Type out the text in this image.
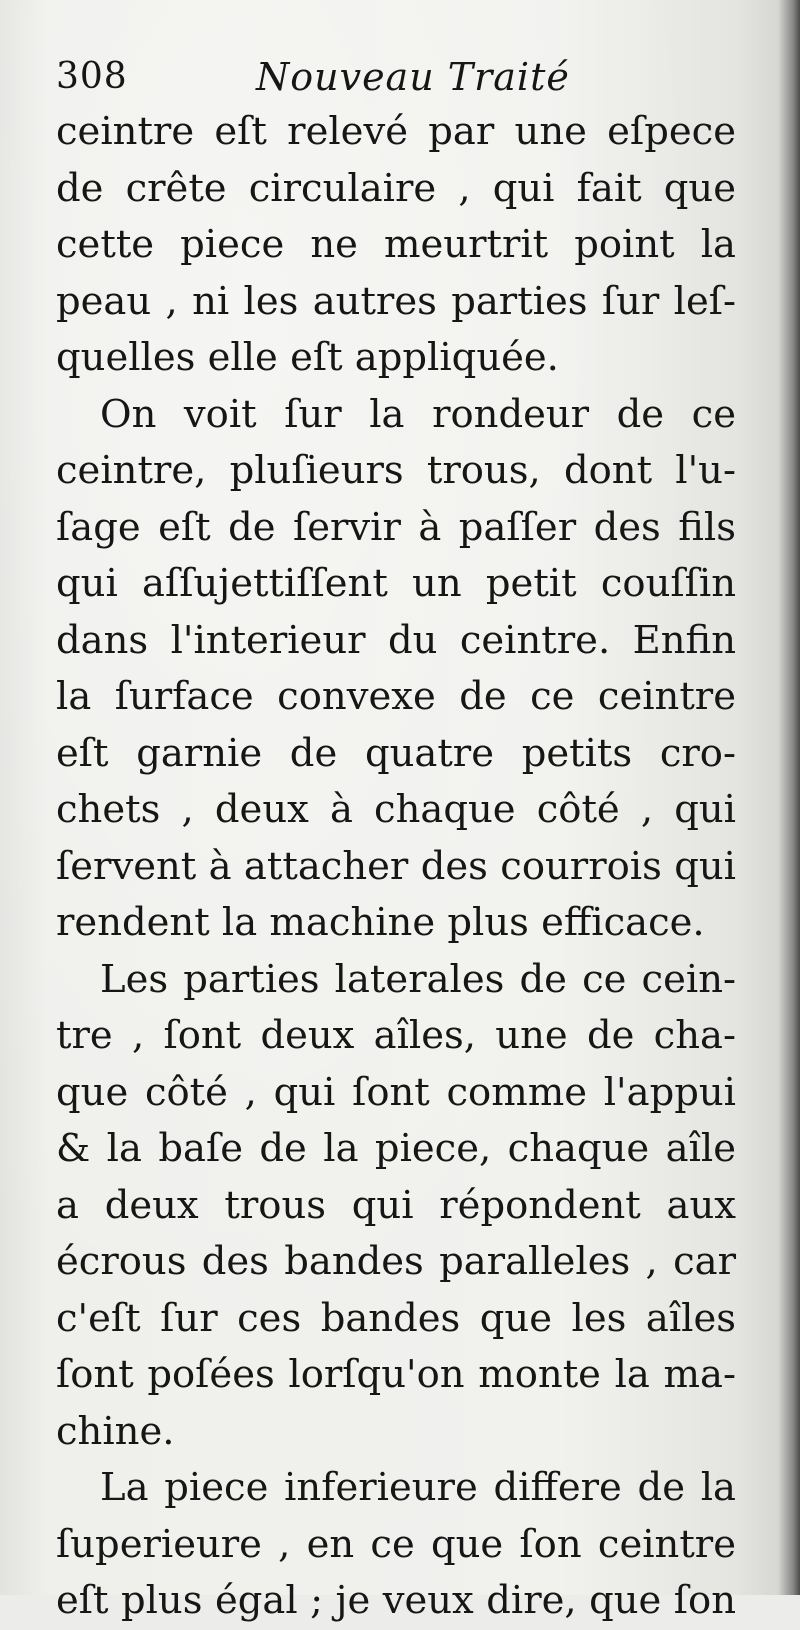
308	Nouveau Traité
ceintre eſt relevé par une eſpece
de crête circulaire , qui fait que
cette piece ne meurtrit point la
peau , ni les autres parties ſur leſ-
quelles elle eſt appliquée.
On voit ſur la rondeur de ce
ceintre, pluſieurs trous, dont l'u-
ſage eſt de ſervir à paſſer des fils
qui aſſujettiſſent un petit couſſin
dans l'interieur du ceintre. Enfin
la ſurface convexe de ce ceintre
eſt garnie de quatre petits cro-
chets , deux à chaque côté , qui
ſervent à attacher des courrois qui
rendent la machine plus efficace.
Les parties laterales de ce cein-
tre , ſont deux aîles, une de cha-
que côté , qui ſont comme l'appui
& la baſe de la piece, chaque aîle
a deux trous qui répondent aux
écrous des bandes paralleles , car
c'eſt ſur ces bandes que les aîles
ſont poſées lorſqu'on monte la ma-
chine.
La piece inferieure differe de la
ſuperieure , en ce que ſon ceintre
eſt plus égal ; je veux dire, que ſon
